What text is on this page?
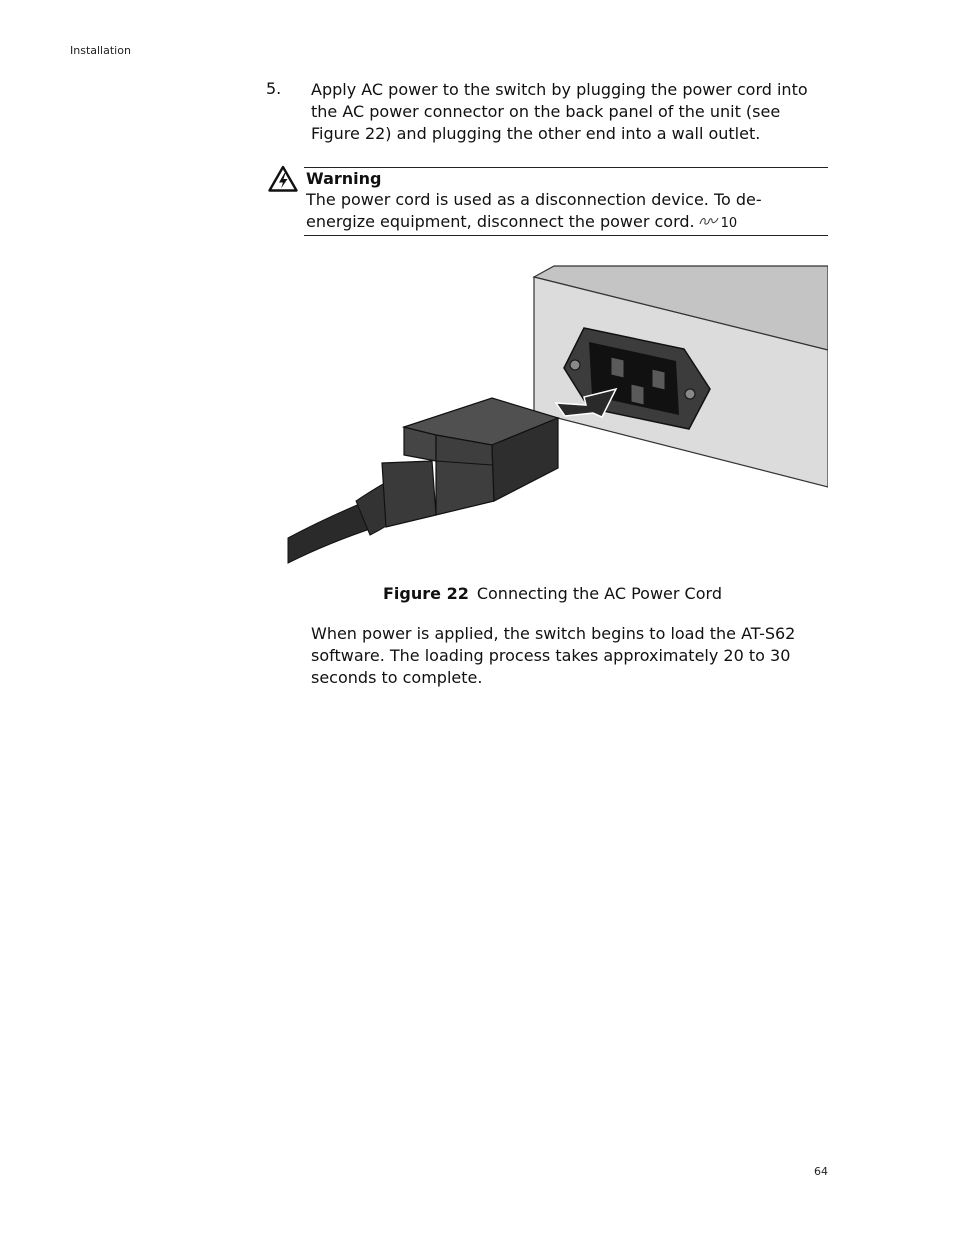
Installation
5. Apply AC power to the switch by plugging the power cord into the AC power connector on the back panel of the unit (see Figure 22) and plugging the other end into a wall outlet.
Warning
The power cord is used as a disconnection device. To de-energize equipment, disconnect the power cord. 10
Figure 22 Connecting the AC Power Cord
When power is applied, the switch begins to load the AT-S62 software. The loading process takes approximately 20 to 30 seconds to complete.
64
